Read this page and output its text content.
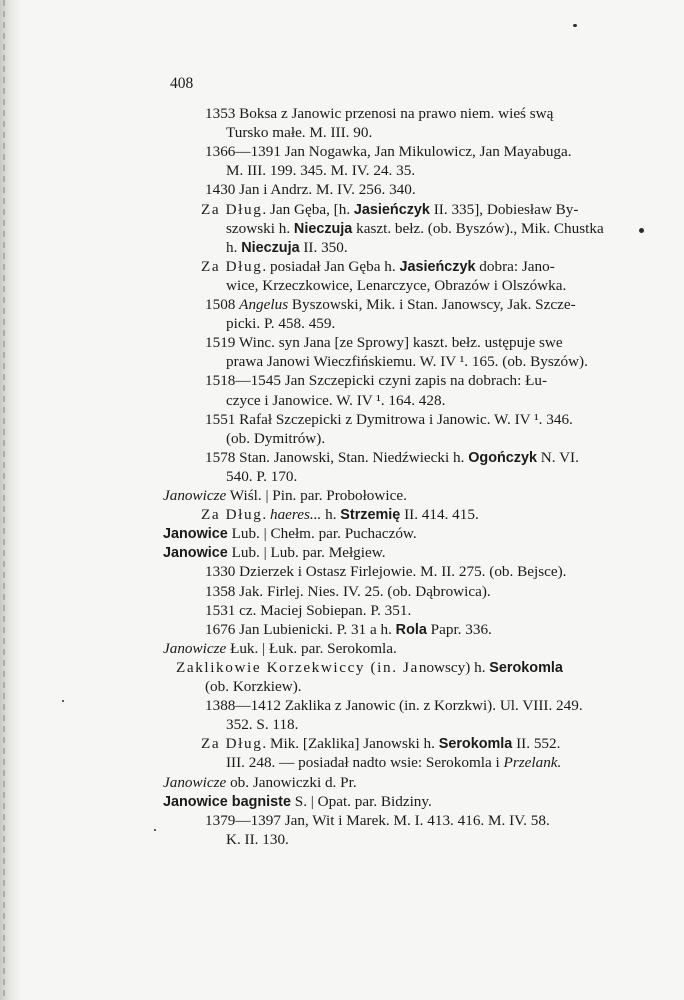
408
1353 Boksa z Janowic przenosi na prawo niem. wieś swą
Tursko małe. M. III. 90.
1366—1391 Jan Nogawka, Jan Mikulowicz, Jan Mayabuga.
M. III. 199. 345. M. IV. 24. 35.
1430 Jan i Andrz. M. IV. 256. 340.
Za Dług. Jan Gęba, [h. Jasieńczyk II. 335], Dobiesław By-
szowski h. Nieczuja kaszt. bełz. (ob. Byszów)., Mik. Chustka
h. Nieczuja II. 350.
Za Dług. posiadał Jan Gęba h. Jasieńczyk dobra: Jano-
wice, Krzeczkowice, Lenarczyce, Obrazów i Olszówka.
1508 Angelus Byszowski, Mik. i Stan. Janowscy, Jak. Szcze-
picki. P. 458. 459.
1519 Winc. syn Jana [ze Sprowy] kaszt. bełz. ustępuje swe
prawa Janowi Wieczfińskiemu. W. IV ¹. 165. (ob. Byszów).
1518—1545 Jan Szczepicki czyni zapis na dobrach: Łu-
czyce i Janowice. W. IV ¹. 164. 428.
1551 Rafał Szczepicki z Dymitrowa i Janowic. W. IV ¹. 346.
(ob. Dymitrów).
1578 Stan. Janowski, Stan. Niedźwiecki h. Ogończyk N. VI.
540. P. 170.
Janowicze Wiśl. | Pin. par. Probołowice.
Za Dług. haeres... h. Strzemię II. 414. 415.
Janowice Lub. | Chełm. par. Puchaczów.
Janowice Lub. | Lub. par. Mełgiew.
1330 Dzierzek i Ostasz Firlejowie. M. II. 275. (ob. Bejsce).
1358 Jak. Firlej. Nies. IV. 25. (ob. Dąbrowica).
1531 cz. Maciej Sobiepan. P. 351.
1676 Jan Lubienicki. P. 31 a h. Rola Papr. 336.
Janowicze Łuk. | Łuk. par. Serokomla.
Zaklikowie Korzekwiccy (in. Janowscy) h. Serokomla
(ob. Korzkiew).
1388—1412 Zaklika z Janowic (in. z Korzkwi). Ul. VIII. 249.
352. S. 118.
Za Dług. Mik. [Zaklika] Janowski h. Serokomla II. 552.
III. 248. — posiadał nadto wsie: Serokomla i Przelank.
Janowicze ob. Janowiczki d. Pr.
Janowice bagniste S. | Opat. par. Bidziny.
1379—1397 Jan, Wit i Marek. M. I. 413. 416. M. IV. 58.
K. II. 130.
